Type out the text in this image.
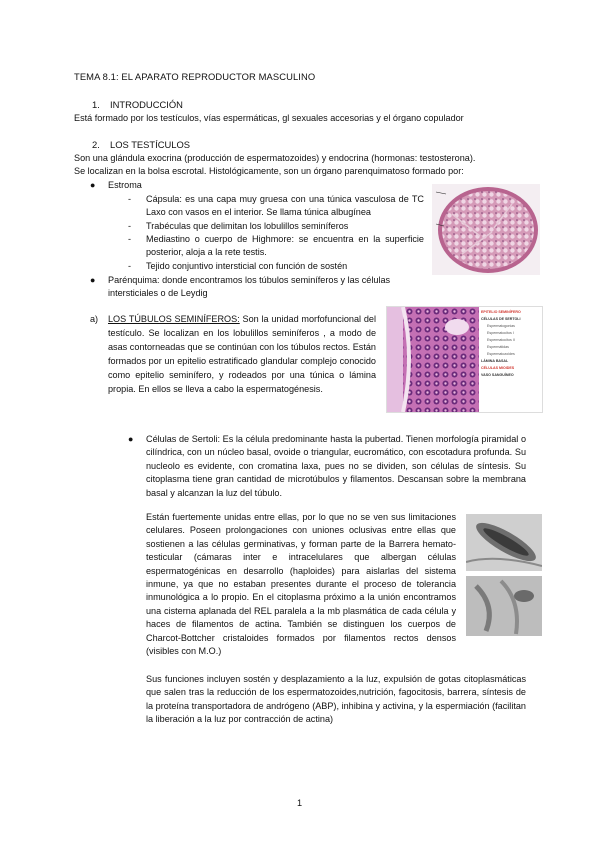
TEMA 8.1: EL APARATO REPRODUCTOR MASCULINO
1. INTRODUCCIÓN
Está formado por los testículos, vías espermáticas, gl sexuales accesorias y el órgano copulador
2. LOS TESTÍCULOS
Son una glándula exocrina (producción de espermatozoides) y endocrina (hormonas: testosterona).
Se localizan en la bolsa escrotal. Histológicamente, son un órgano parenquimatoso formado por:
● Estroma
- Cápsula: es una capa muy gruesa con una túnica vasculosa de TC Laxo con vasos en el interior. Se llama túnica albugínea
- Trabéculas que delimitan los lobulillos seminíferos
- Mediastino o cuerpo de Highmore: se encuentra en la superficie posterior, aloja a la rete testis.
- Tejido conjuntivo intersticial con función de sostén
● Parénquima: donde encontramos los túbulos seminíferos y las células intersticiales o de Leydig
a) LOS TÚBULOS SEMINÍFEROS: Son la unidad morfofuncional del testículo. Se localizan en los lobulillos seminíferos , a modo de asas contorneadas que se continúan con los túbulos rectos. Están formados por un epitelio estratificado glandular complejo conocido como epitelio seminífero, y rodeados por una túnica o lámina propia. En ellos se lleva a cabo la espermatogénesis.
EPITELIO SEMINÍFERO
CÉLULAS DE SERTOLI
Espermatogonias
Espermatocitos I
Espermatocitos II
Espermátidas
Espermatozoides
LÁMINA BASAL
CÉLULAS MIOIDES
VASO SANGUÍNEO
● Células de Sertoli: Es la célula predominante hasta la pubertad. Tienen morfología piramidal o cilíndrica, con un núcleo basal, ovoide o triangular, eucromático, con escotadura profunda. Su nucleolo es evidente, con cromatina laxa, pues no se dividen, son células de síntesis. Su citoplasma tiene gran cantidad de microtúbulos y filamentos. Descansan sobre la membrana basal y alcanzan la luz del túbulo.
Están fuertemente unidas entre ellas, por lo que no se ven sus limitaciones celulares. Poseen prolongaciones con uniones oclusivas entre ellas que sostienen a las células germinativas, y forman parte de la Barrera hemato-testicular (cámaras inter e intracelulares que albergan células espermatogénicas en desarrollo (haploides) para aislarlas del sistema inmune, ya que no estaban presentes durante el proceso de tolerancia inmunológica a lo propio. En el citoplasma próximo a la unión encontramos una cisterna aplanada del REL paralela a la mb plasmática de cada célula y haces de filamentos de actina. También se distinguen los cuerpos de Charcot-Bottcher cristaloides formados por filamentos rectos densos (visibles con M.O.)
Sus funciones incluyen sostén y desplazamiento a la luz, expulsión de gotas citoplasmáticas que salen tras la reducción de los espermatozoides,nutrición, fagocitosis, barrera, síntesis de la proteína transportadora de andrógeno (ABP), inhibina y activina, y la espermiación (facilitan la liberación a la luz por contracción de actina)
1
